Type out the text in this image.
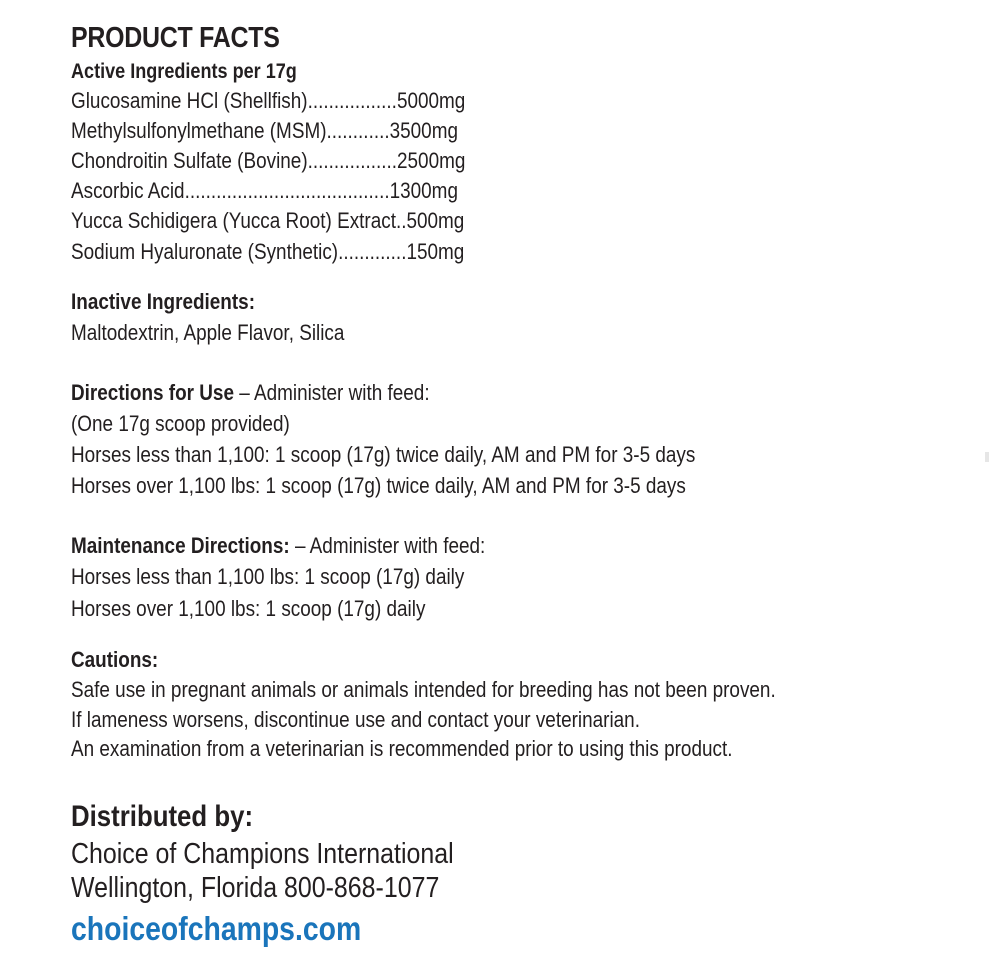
PRODUCT FACTS
Active Ingredients per 17g
Glucosamine HCl (Shellfish).................5000mg
Methylsulfonylmethane (MSM)............3500mg
Chondroitin Sulfate (Bovine).................2500mg
Ascorbic Acid.......................................1300mg
Yucca Schidigera (Yucca Root) Extract..500mg
Sodium Hyaluronate (Synthetic).............150mg
Inactive Ingredients:
Maltodextrin, Apple Flavor, Silica
Directions for Use – Administer with feed:
(One 17g scoop provided)
Horses less than 1,100: 1 scoop (17g) twice daily, AM and PM for 3-5 days
Horses over 1,100 lbs: 1 scoop (17g) twice daily, AM and PM for 3-5 days
Maintenance Directions: – Administer with feed:
Horses less than 1,100 lbs: 1 scoop (17g) daily
Horses over 1,100 lbs: 1 scoop (17g) daily
Cautions:
Safe use in pregnant animals or animals intended for breeding has not been proven.
If lameness worsens, discontinue use and contact your veterinarian.
An examination from a veterinarian is recommended prior to using this product.
Distributed by:
Choice of Champions International
Wellington, Florida 800-868-1077
choiceofchamps.com
